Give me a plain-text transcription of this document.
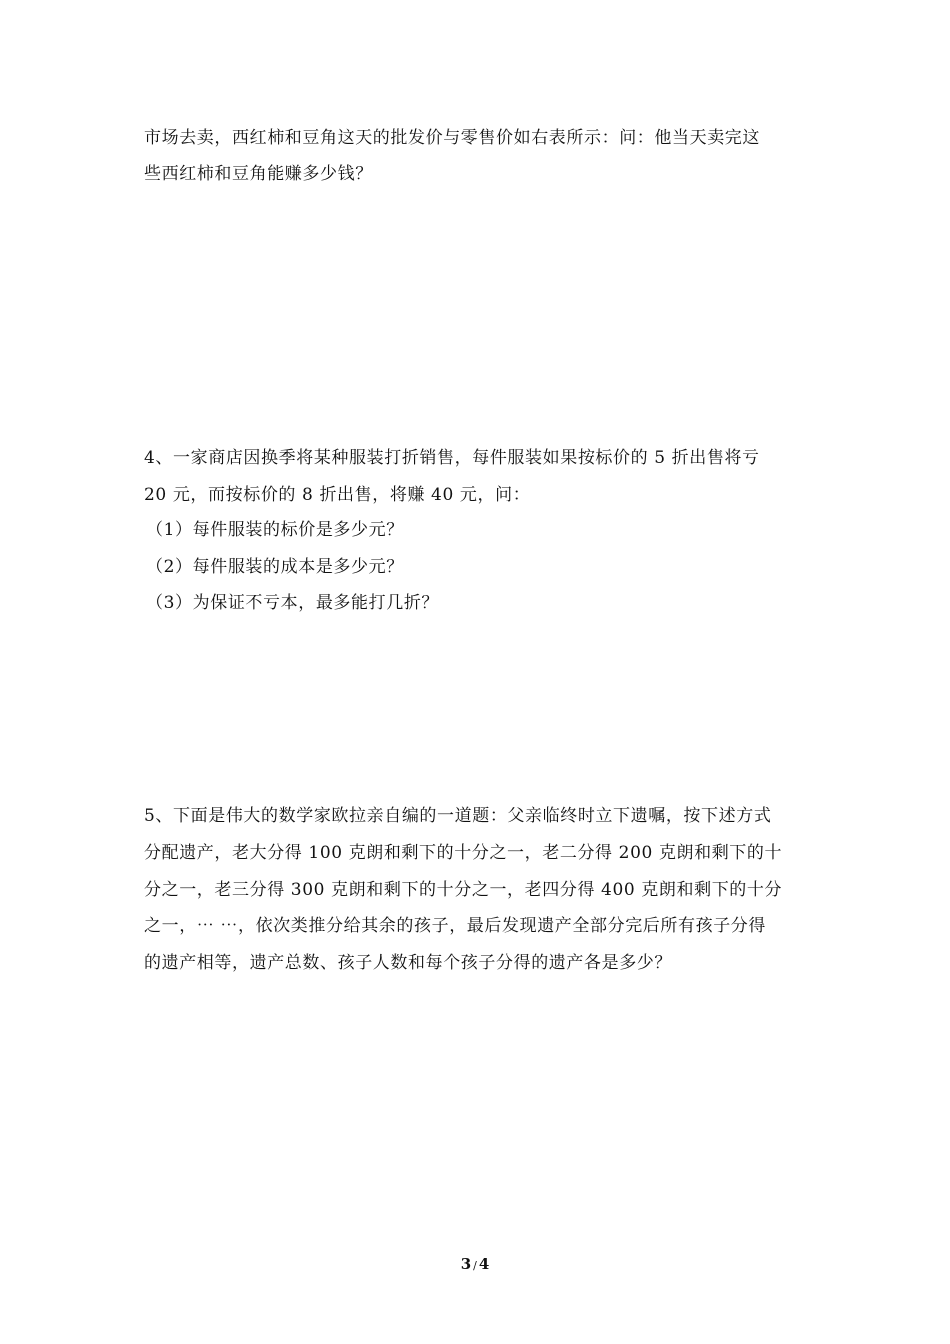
市场去卖，西红柿和豆角这天的批发价与零售价如右表所示：问：他当天卖完这
些西红柿和豆角能赚多少钱？
4、一家商店因换季将某种服装打折销售，每件服装如果按标价的 5 折出售将亏
20 元，而按标价的 8 折出售，将赚 40 元，问：
（1）每件服装的标价是多少元？
（2）每件服装的成本是多少元？
（3）为保证不亏本，最多能打几折？
5、下面是伟大的数学家欧拉亲自编的一道题：父亲临终时立下遗嘱，按下述方式
分配遗产，老大分得 100 克朗和剩下的十分之一，老二分得 200 克朗和剩下的十
分之一，老三分得 300 克朗和剩下的十分之一，老四分得 400 克朗和剩下的十分
之一，⋯ ⋯，依次类推分给其余的孩子，最后发现遗产全部分完后所有孩子分得
的遗产相等，遗产总数、孩子人数和每个孩子分得的遗产各是多少？
3 / 4
